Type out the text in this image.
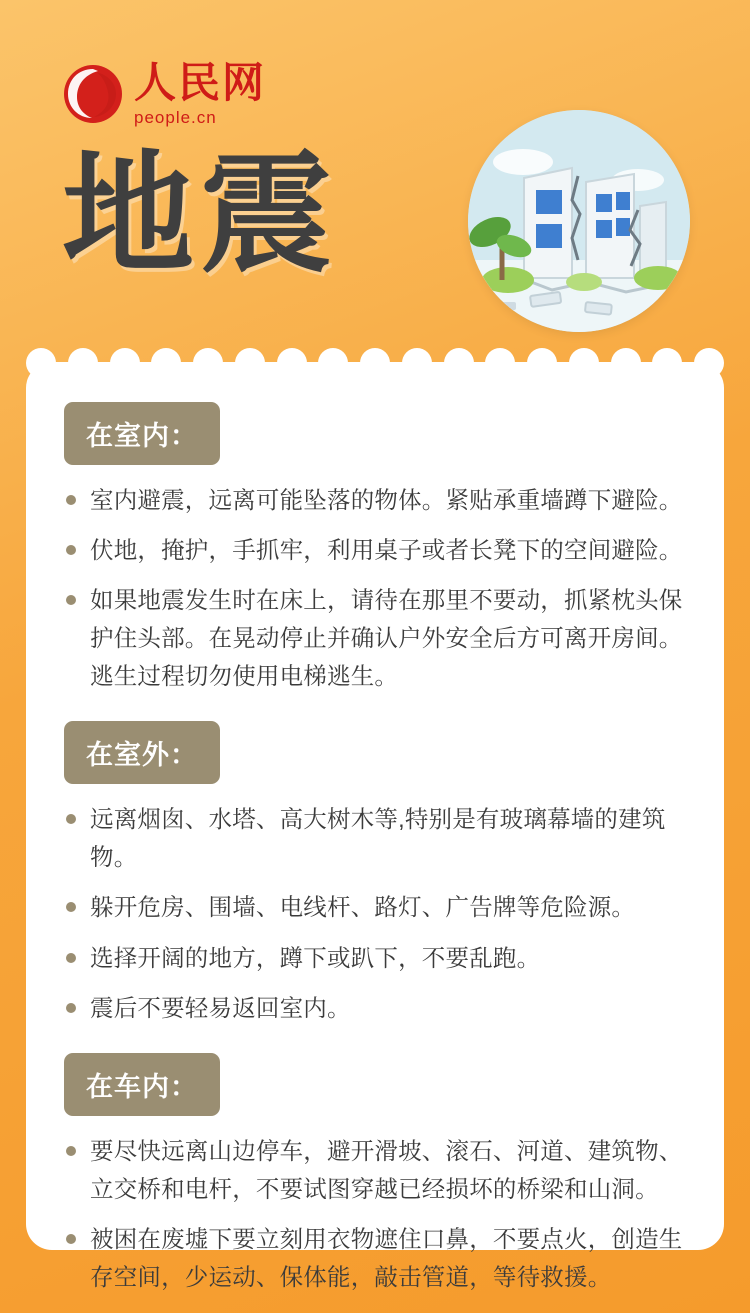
人民网
people.cn
地震
在室内：
室内避震，远离可能坠落的物体。紧贴承重墙蹲下避险。
伏地，掩护，手抓牢，利用桌子或者长凳下的空间避险。
如果地震发生时在床上，请待在那里不要动，抓紧枕头保护住头部。在晃动停止并确认户外安全后方可离开房间。逃生过程切勿使用电梯逃生。
在室外：
远离烟囱、水塔、高大树木等,特别是有玻璃幕墙的建筑物。
躲开危房、围墙、电线杆、路灯、广告牌等危险源。
选择开阔的地方，蹲下或趴下，不要乱跑。
震后不要轻易返回室内。
在车内：
要尽快远离山边停车，避开滑坡、滚石、河道、建筑物、立交桥和电杆，不要试图穿越已经损坏的桥梁和山洞。
被困在废墟下要立刻用衣物遮住口鼻，不要点火，创造生存空间，少运动、保体能，敲击管道，等待救援。
